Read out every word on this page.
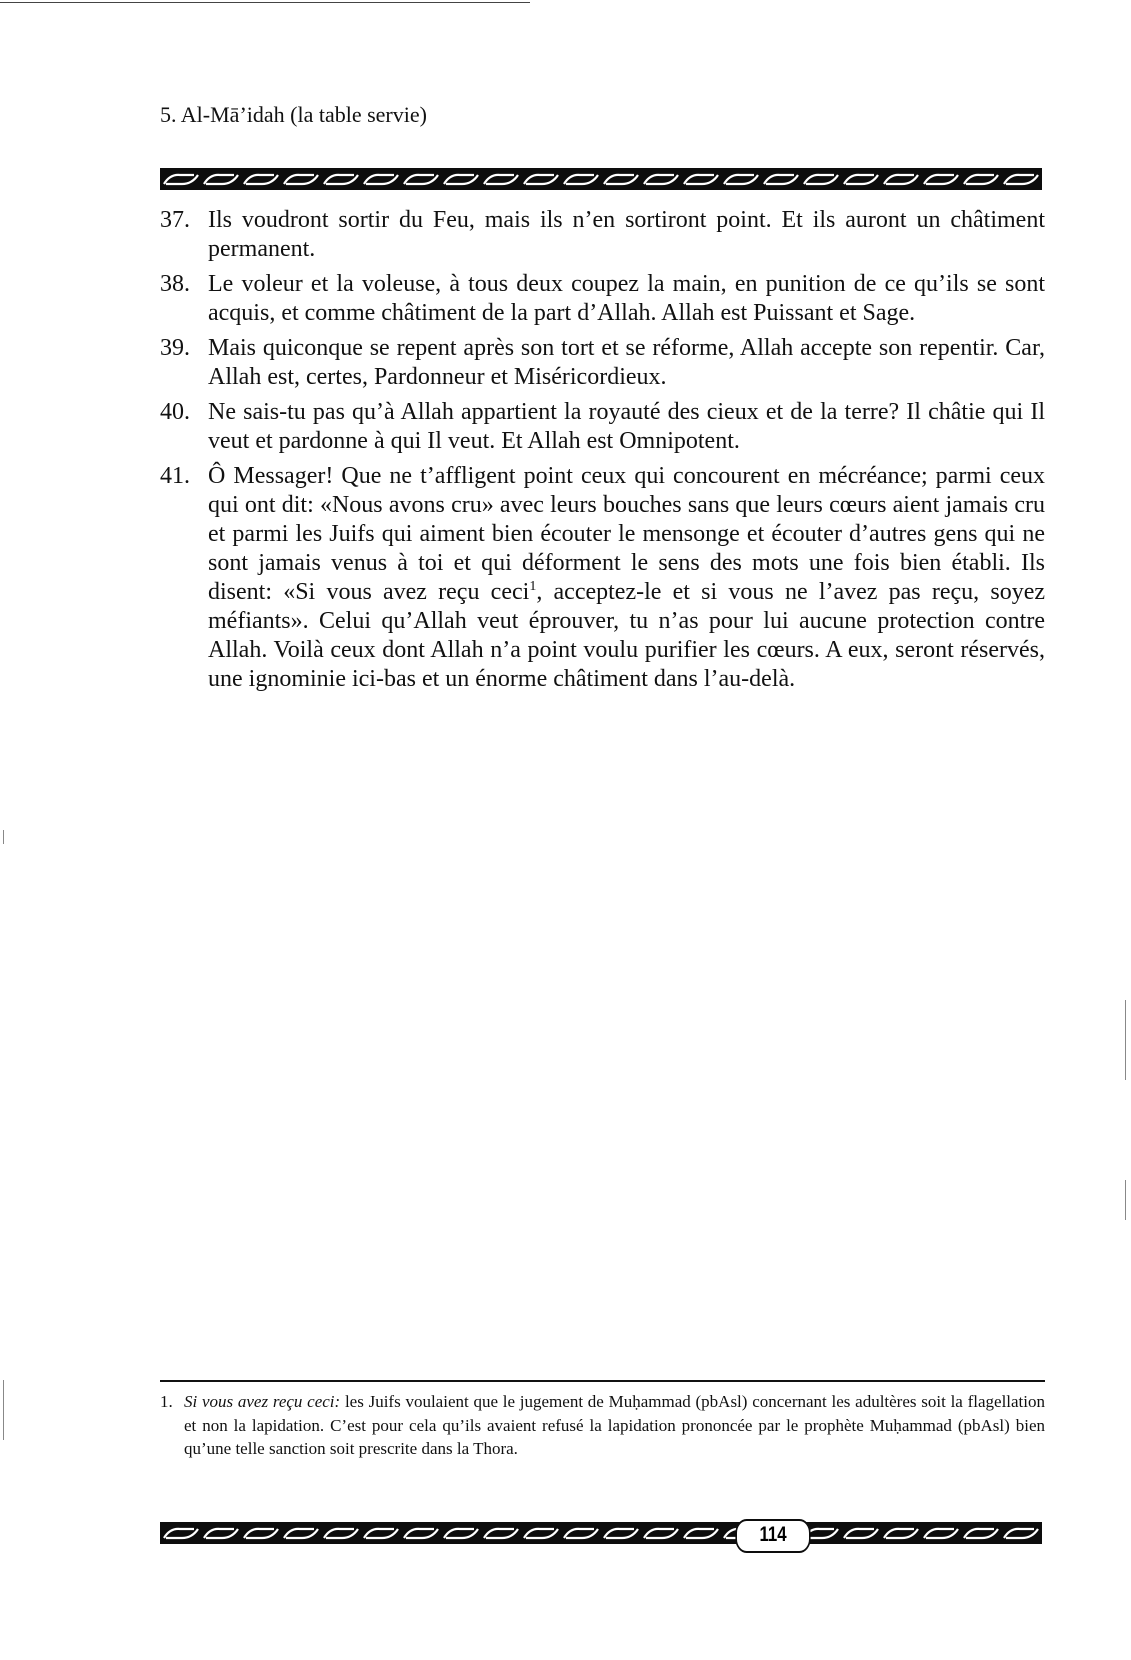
5. Al-Mā’idah (la table servie)
37. Ils voudront sortir du Feu, mais ils n’en sortiront point. Et ils auront un châtiment permanent.
38. Le voleur et la voleuse, à tous deux coupez la main, en punition de ce qu’ils se sont acquis, et comme châtiment de la part d’Allah. Allah est Puissant et Sage.
39. Mais quiconque se repent après son tort et se réforme, Allah accepte son repentir. Car, Allah est, certes, Pardonneur et Miséricordieux.
40. Ne sais-tu pas qu’à Allah appartient la royauté des cieux et de la terre? Il châtie qui Il veut et pardonne à qui Il veut. Et Allah est Omnipotent.
41. Ô Messager! Que ne t’affligent point ceux qui concourent en mécréance; parmi ceux qui ont dit: «Nous avons cru» avec leurs bouches sans que leurs cœurs aient jamais cru et parmi les Juifs qui aiment bien écouter le mensonge et écouter d’autres gens qui ne sont jamais venus à toi et qui déforment le sens des mots une fois bien établi. Ils disent: «Si vous avez reçu ceci$^1$, acceptez-le et si vous ne l’avez pas reçu, soyez méfiants». Celui qu’Allah veut éprouver, tu n’as pour lui aucune protection contre Allah. Voilà ceux dont Allah n’a point voulu purifier les cœurs. A eux, seront réservés, une ignominie ici-bas et un énorme châtiment dans l’au-delà.
1. Si vous avez reçu ceci: les Juifs voulaient que le jugement de Muḥammad (pbAsl) concernant les adultères soit la flagellation et non la lapidation. C’est pour cela qu’ils avaient refusé la lapidation prononcée par le prophète Muḥammad (pbAsl) bien qu’une telle sanction soit prescrite dans la Thora.
114
